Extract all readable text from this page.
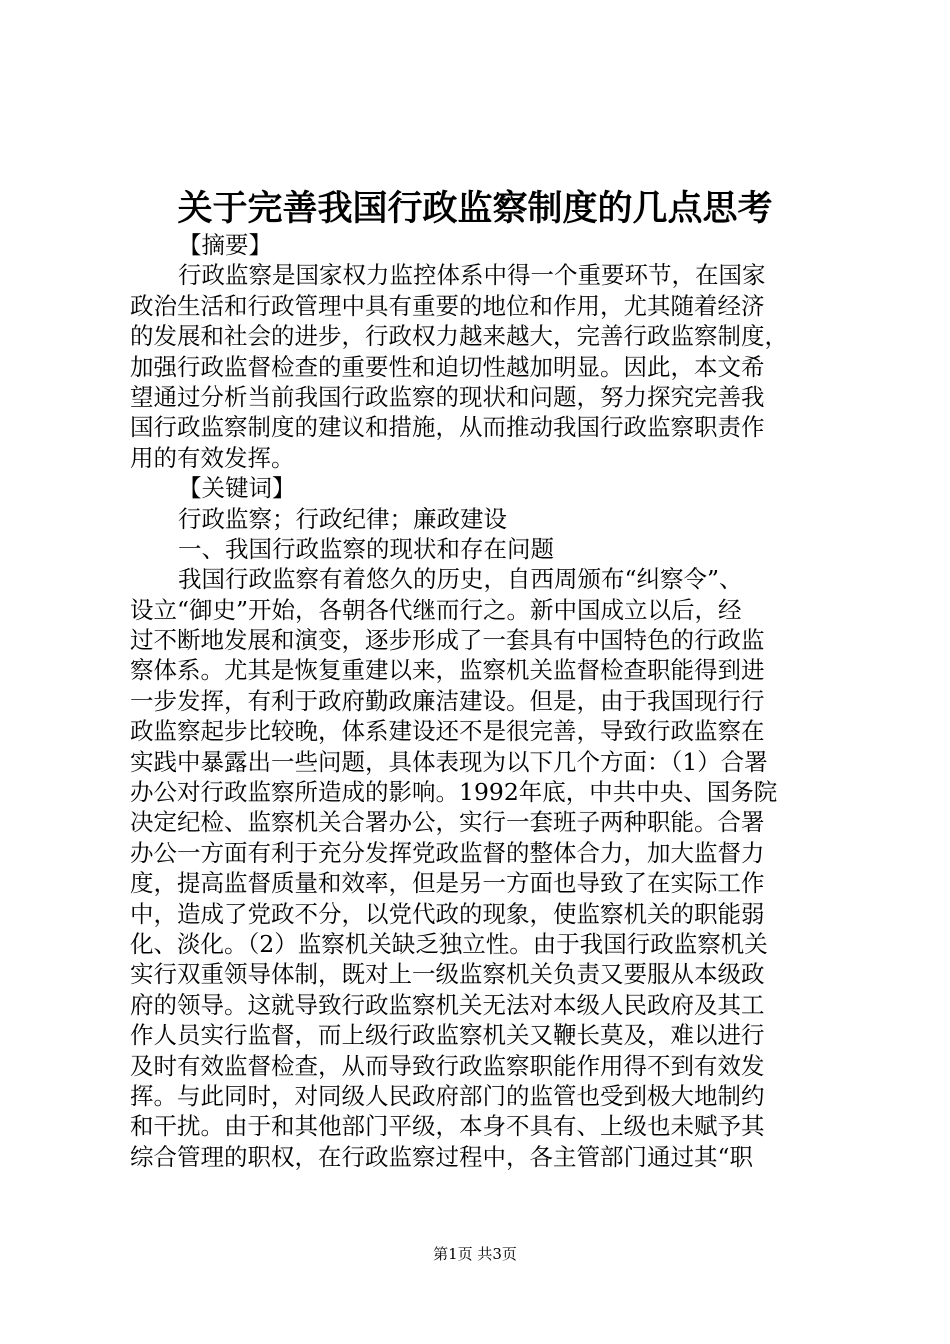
关于完善我国行政监察制度的几点思考
【摘要】
行政监察是国家权力监控体系中得一个重要环节，在国家
政治生活和行政管理中具有重要的地位和作用，尤其随着经济
的发展和社会的进步，行政权力越来越大，完善行政监察制度，
加强行政监督检查的重要性和迫切性越加明显。因此，本文希
望通过分析当前我国行政监察的现状和问题，努力探究完善我
国行政监察制度的建议和措施，从而推动我国行政监察职责作
用的有效发挥。
【关键词】
行政监察；行政纪律；廉政建设
一、我国行政监察的现状和存在问题
我国行政监察有着悠久的历史，自西周颁布“纠察令”、
设立“御史”开始，各朝各代继而行之。新中国成立以后，经
过不断地发展和演变，逐步形成了一套具有中国特色的行政监
察体系。尤其是恢复重建以来，监察机关监督检查职能得到进
一步发挥，有利于政府勤政廉洁建设。但是，由于我国现行行
政监察起步比较晚，体系建设还不是很完善，导致行政监察在
实践中暴露出一些问题，具体表现为以下几个方面：（1）合署
办公对行政监察所造成的影响。1992年底，中共中央、国务院
决定纪检、监察机关合署办公，实行一套班子两种职能。合署
办公一方面有利于充分发挥党政监督的整体合力，加大监督力
度，提高监督质量和效率，但是另一方面也导致了在实际工作
中，造成了党政不分，以党代政的现象，使监察机关的职能弱
化、淡化。（2）监察机关缺乏独立性。由于我国行政监察机关
实行双重领导体制，既对上一级监察机关负责又要服从本级政
府的领导。这就导致行政监察机关无法对本级人民政府及其工
作人员实行监督，而上级行政监察机关又鞭长莫及，难以进行
及时有效监督检查，从而导致行政监察职能作用得不到有效发
挥。与此同时，对同级人民政府部门的监管也受到极大地制约
和干扰。由于和其他部门平级，本身不具有、上级也未赋予其
综合管理的职权，在行政监察过程中，各主管部门通过其“职
第1页 共3页
